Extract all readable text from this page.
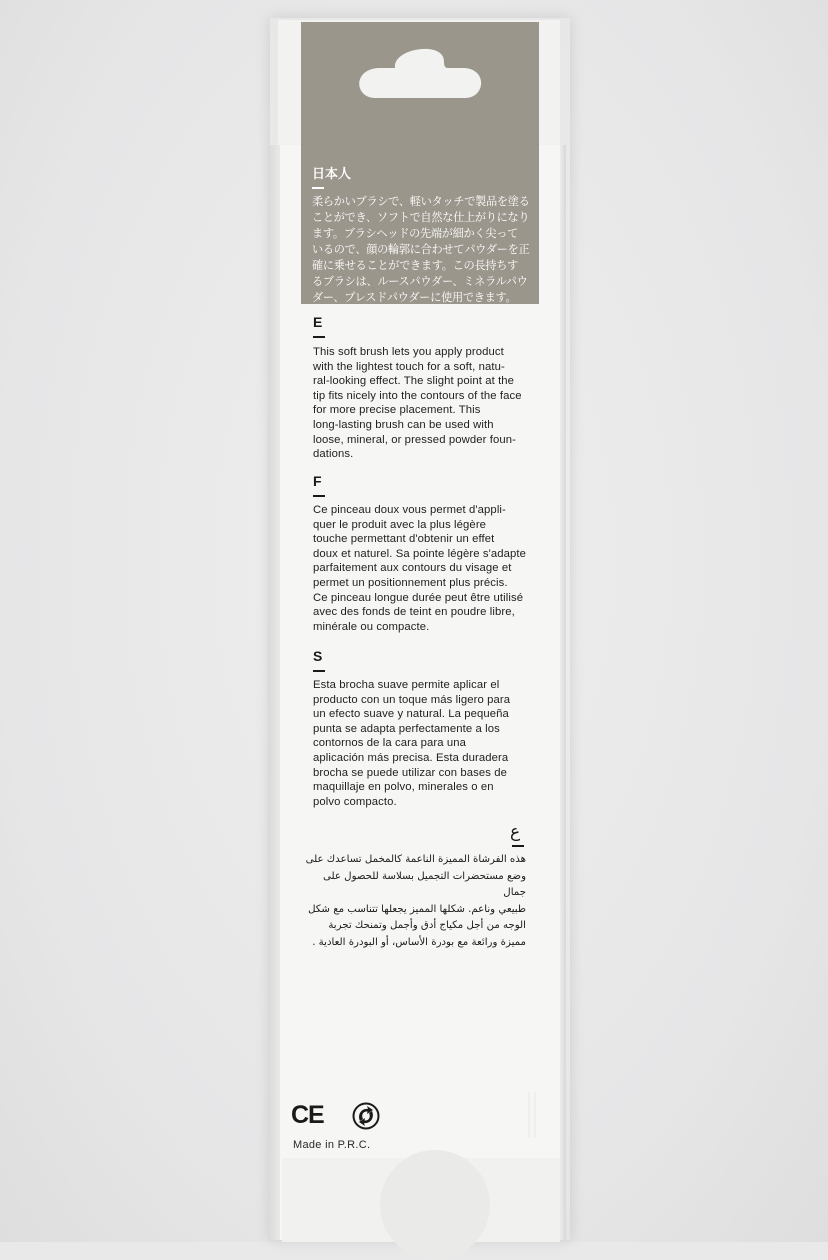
日本人
柔らかいブラシで、軽いタッチで製品を塗る
ことができ、ソフトで自然な仕上がりになり
ます。ブラシヘッドの先端が細かく尖って
いるので、顔の輪郭に合わせてパウダーを正
確に乗せることができます。この長持ちす
るブラシは、ルースパウダー、ミネラルパウ
ダー、プレスドパウダーに使用できます。
E
This soft brush lets you apply product
with the lightest touch for a soft, natu-
ral-looking effect. The slight point at the
tip fits nicely into the contours of the face
for more precise placement. This
long-lasting brush can be used with
loose, mineral, or pressed powder foun-
dations.
F
Ce pinceau doux vous permet d'appli-
quer le produit avec la plus légère
touche permettant d'obtenir un effet
doux et naturel. Sa pointe légère s'adapte
parfaitement aux contours du visage et
permet un positionnement plus précis.
Ce pinceau longue durée peut être utilisé
avec des fonds de teint en poudre libre,
minérale ou compacte.
S
Esta brocha suave permite aplicar el
producto con un toque más ligero para
un efecto suave y natural. La pequeña
punta se adapta perfectamente a los
contornos de la cara para una
aplicación más precisa. Esta duradera
brocha se puede utilizar con bases de
maquillaje en polvo, minerales o en
polvo compacto.
ع
هذه الفرشاة المميزة الناعمة كالمخمل تساعدك على
وضع مستحضرات التجميل بسلاسة للحصول على جمال
طبيعي وناعم. شكلها المميز يجعلها تتناسب مع شكل
الوجه من أجل مكياج أدق وأجمل وتمنحك تجربة
مميزة ورائعة مع بودرة الأساس، أو البودرة العادية .
CE
Made in P.R.C.
